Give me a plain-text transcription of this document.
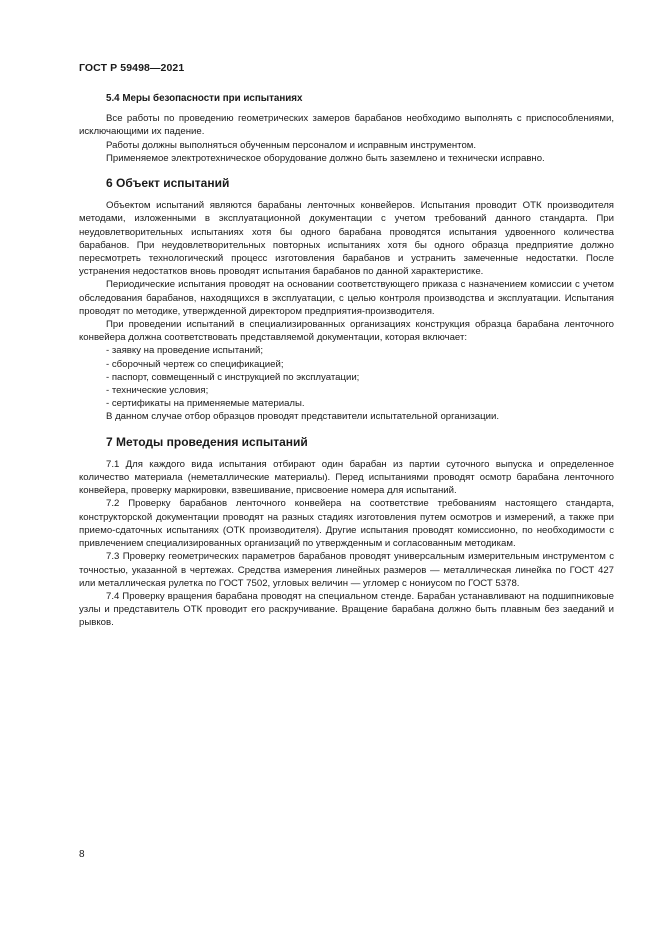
ГОСТ Р 59498—2021
5.4 Меры безопасности при испытаниях

Все работы по проведению геометрических замеров барабанов необходимо выполнять с приспособлениями, исключающими их падение.

Работы должны выполняться обученным персоналом и исправным инструментом.

Применяемое электротехническое оборудование должно быть заземлено и технически исправно.

6 Объект испытаний

Объектом испытаний являются барабаны ленточных конвейеров. Испытания проводит ОТК производителя методами, изложенными в эксплуатационной документации с учетом требований данного стандарта. При неудовлетворительных испытаниях хотя бы одного барабана проводятся испытания удвоенного количества барабанов. При неудовлетворительных повторных испытаниях хотя бы одного образца предприятие должно пересмотреть технологический процесс изготовления барабанов и устранить замеченные недостатки. После устранения недостатков вновь проводят испытания барабанов по данной характеристике.

Периодические испытания проводят на основании соответствующего приказа с назначением комиссии с учетом обследования барабанов, находящихся в эксплуатации, с целью контроля производства и эксплуатации. Испытания проводят по методике, утвержденной директором предприятия-производителя.

При проведении испытаний в специализированных организациях конструкция образца барабана ленточного конвейера должна соответствовать представляемой документации, которая включает:

- заявку на проведение испытаний;

- сборочный чертеж со спецификацией;

- паспорт, совмещенный с инструкцией по эксплуатации;

- технические условия;

- сертификаты на применяемые материалы.

В данном случае отбор образцов проводят представители испытательной организации.

7 Методы проведения испытаний

7.1 Для каждого вида испытания отбирают один барабан из партии суточного выпуска и определенное количество материала (неметаллические материалы). Перед испытаниями проводят осмотр барабана ленточного конвейера, проверку маркировки, взвешивание, присвоение номера для испытаний.

7.2 Проверку барабанов ленточного конвейера на соответствие требованиям настоящего стандарта, конструкторской документации проводят на разных стадиях изготовления путем осмотров и измерений, а также при приемо-сдаточных испытаниях (ОТК производителя). Другие испытания проводят комиссионно, по необходимости с привлечением специализированных организаций по утвержденным и согласованным методикам.

7.3 Проверку геометрических параметров барабанов проводят универсальным измерительным инструментом с точностью, указанной в чертежах. Средства измерения линейных размеров — металлическая линейка по ГОСТ 427 или металлическая рулетка по ГОСТ 7502, угловых величин — угломер с нониусом по ГОСТ 5378.

7.4 Проверку вращения барабана проводят на специальном стенде. Барабан устанавливают на подшипниковые узлы и представитель ОТК проводит его раскручивание. Вращение барабана должно быть плавным без заеданий и рывков.

8
